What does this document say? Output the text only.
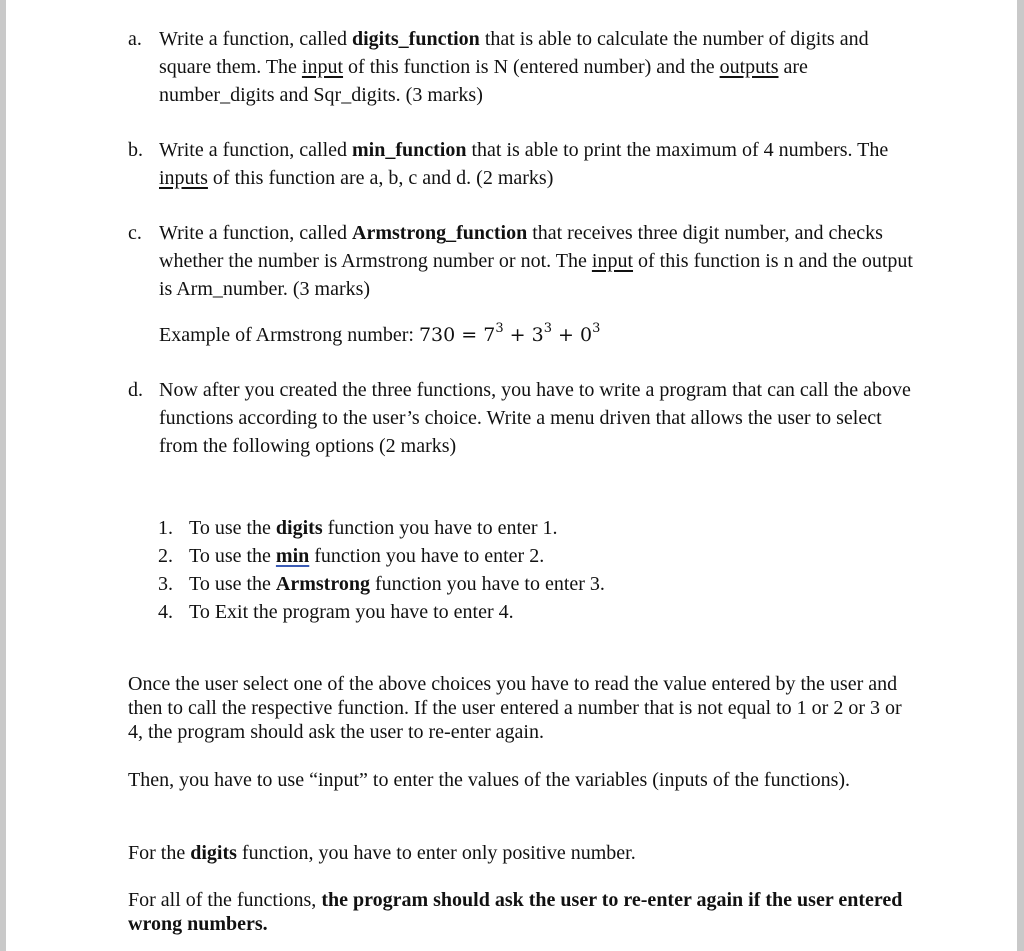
a. Write a function, called digits_function that is able to calculate the number of digits and square them. The input of this function is N (entered number) and the outputs are number_digits and Sqr_digits. (3 marks)
b. Write a function, called min_function that is able to print the maximum of 4 numbers. The inputs of this function are a, b, c and d. (2 marks)
c. Write a function, called Armstrong_function that receives three digit number, and checks whether the number is Armstrong number or not. The input of this function is n and the output is Arm_number. (3 marks)
Example of Armstrong number: $730 = 7^3 + 3^3 + 0^3$
d. Now after you created the three functions, you have to write a program that can call the above functions according to the user’s choice. Write a menu driven that allows the user to select from the following options (2 marks)
1. To use the digits function you have to enter 1.
2. To use the min function you have to enter 2.
3. To use the Armstrong function you have to enter 3.
4. To Exit the program you have to enter 4.
Once the user select one of the above choices you have to read the value entered by the user and then to call the respective function. If the user entered a number that is not equal to 1 or 2 or 3 or 4, the program should ask the user to re-enter again.
Then, you have to use “input” to enter the values of the variables (inputs of the functions).
For the digits function, you have to enter only positive number.
For all of the functions, the program should ask the user to re-enter again if the user entered wrong numbers.
